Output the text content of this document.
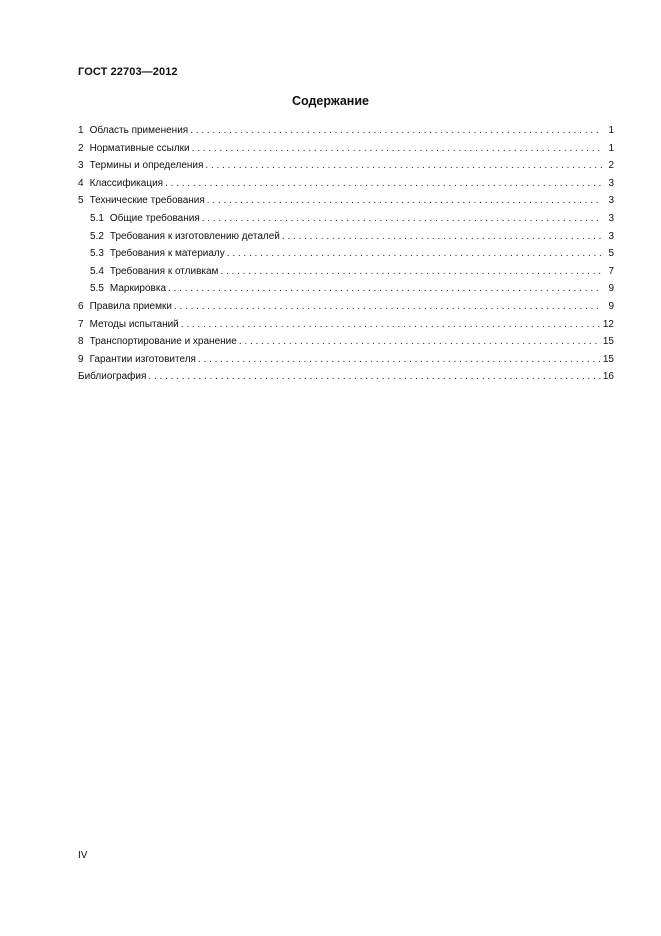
ГОСТ 22703—2012
Содержание
1 Область применения . . .	1
2 Нормативные ссылки . . .	1
3 Термины и определения . . .	2
4 Классификация . . .	3
5 Технические требования . . .	3
5.1 Общие требования . . .	3
5.2 Требования к изготовлению деталей . . .	3
5.3 Требования к материалу . . .	5
5.4 Требования к отливкам . . .	7
5.5 Маркировка . . .	9
6 Правила приемки . . .	9
7 Методы испытаний . . .	12
8 Транспортирование и хранение . . .	15
9 Гарантии изготовителя . . .	15
Библиография . . .	16
IV
